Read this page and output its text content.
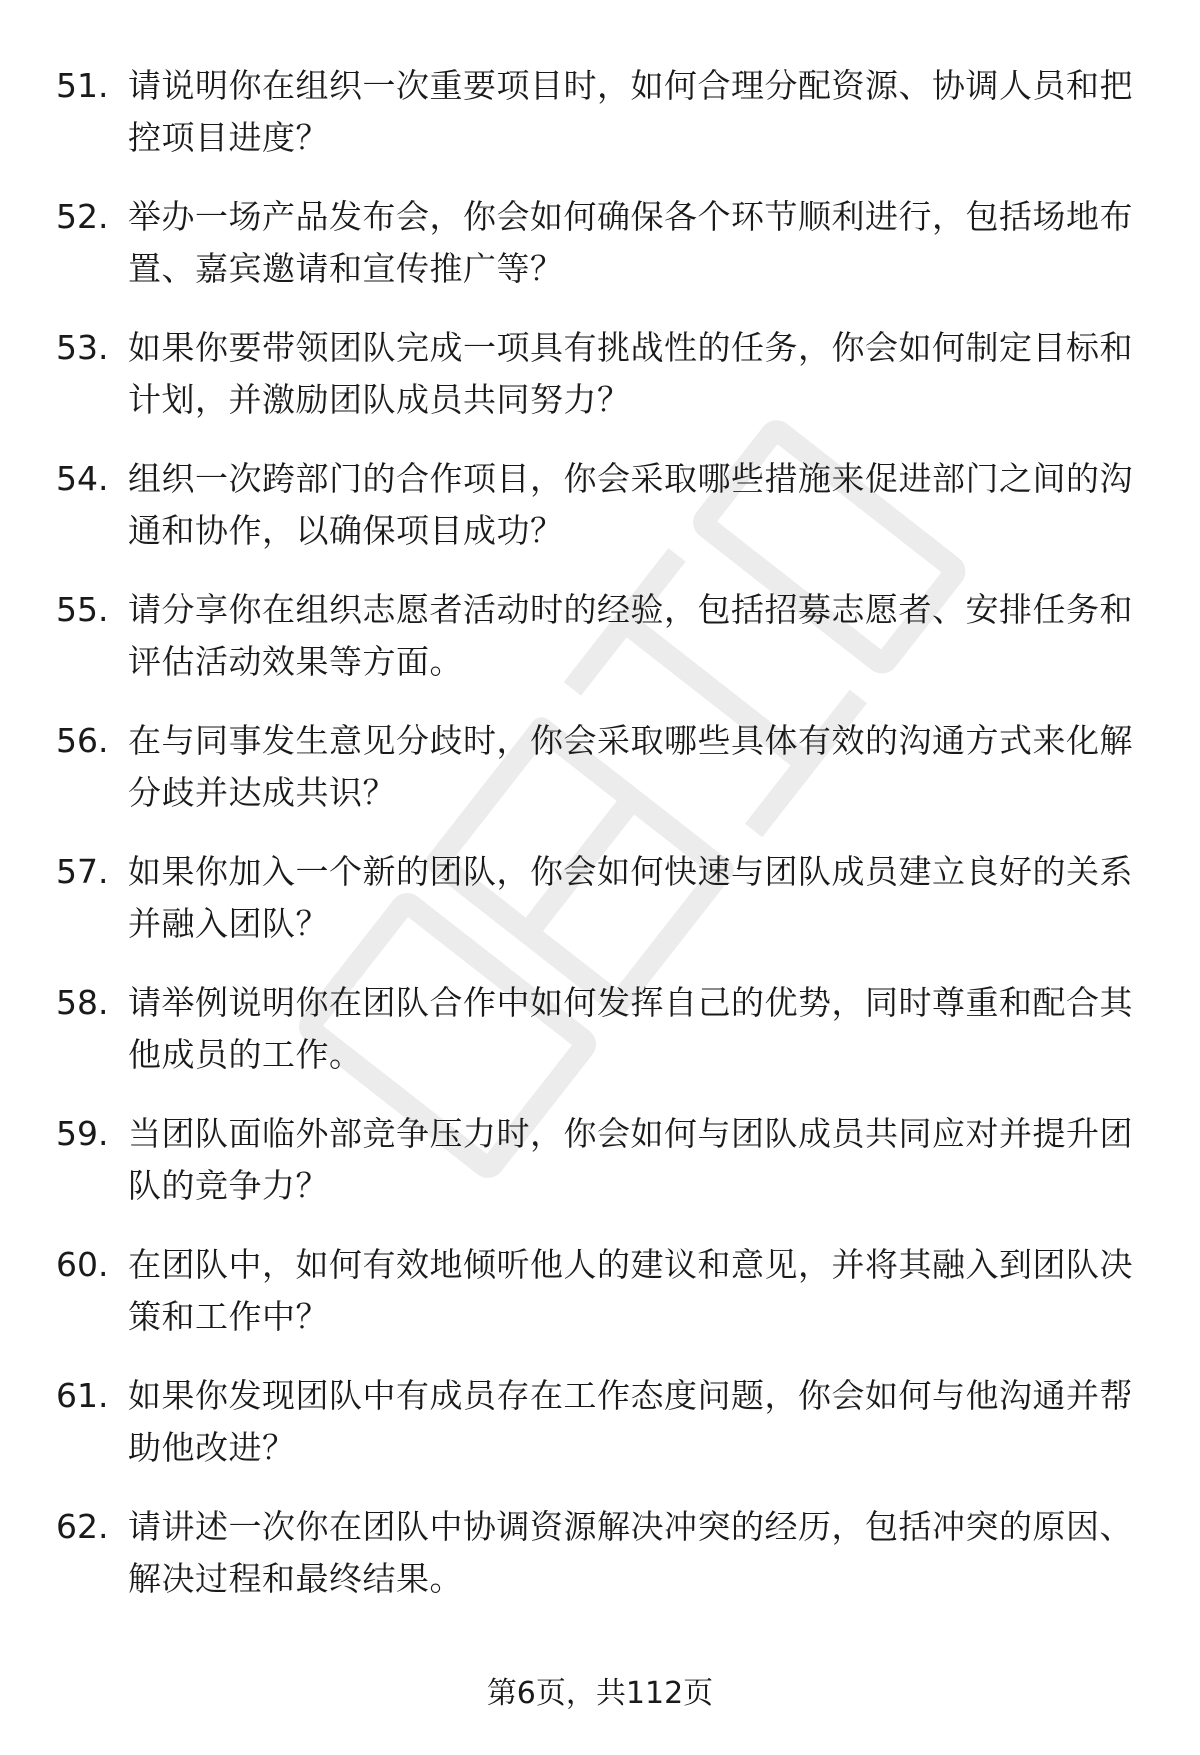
51. 请说明你在组织一次重要项目时，如何合理分配资源、协调人员和把控项目进度？
52. 举办一场产品发布会，你会如何确保各个环节顺利进行，包括场地布置、嘉宾邀请和宣传推广等？
53. 如果你要带领团队完成一项具有挑战性的任务，你会如何制定目标和计划，并激励团队成员共同努力？
54. 组织一次跨部门的合作项目，你会采取哪些措施来促进部门之间的沟通和协作，以确保项目成功？
55. 请分享你在组织志愿者活动时的经验，包括招募志愿者、安排任务和评估活动效果等方面。
56. 在与同事发生意见分歧时，你会采取哪些具体有效的沟通方式来化解分歧并达成共识？
57. 如果你加入一个新的团队，你会如何快速与团队成员建立良好的关系并融入团队？
58. 请举例说明你在团队合作中如何发挥自己的优势，同时尊重和配合其他成员的工作。
59. 当团队面临外部竞争压力时，你会如何与团队成员共同应对并提升团队的竞争力？
60. 在团队中，如何有效地倾听他人的建议和意见，并将其融入到团队决策和工作中？
61. 如果你发现团队中有成员存在工作态度问题，你会如何与他沟通并帮助他改进？
62. 请讲述一次你在团队中协调资源解决冲突的经历，包括冲突的原因、解决过程和最终结果。
第6页，共112页
